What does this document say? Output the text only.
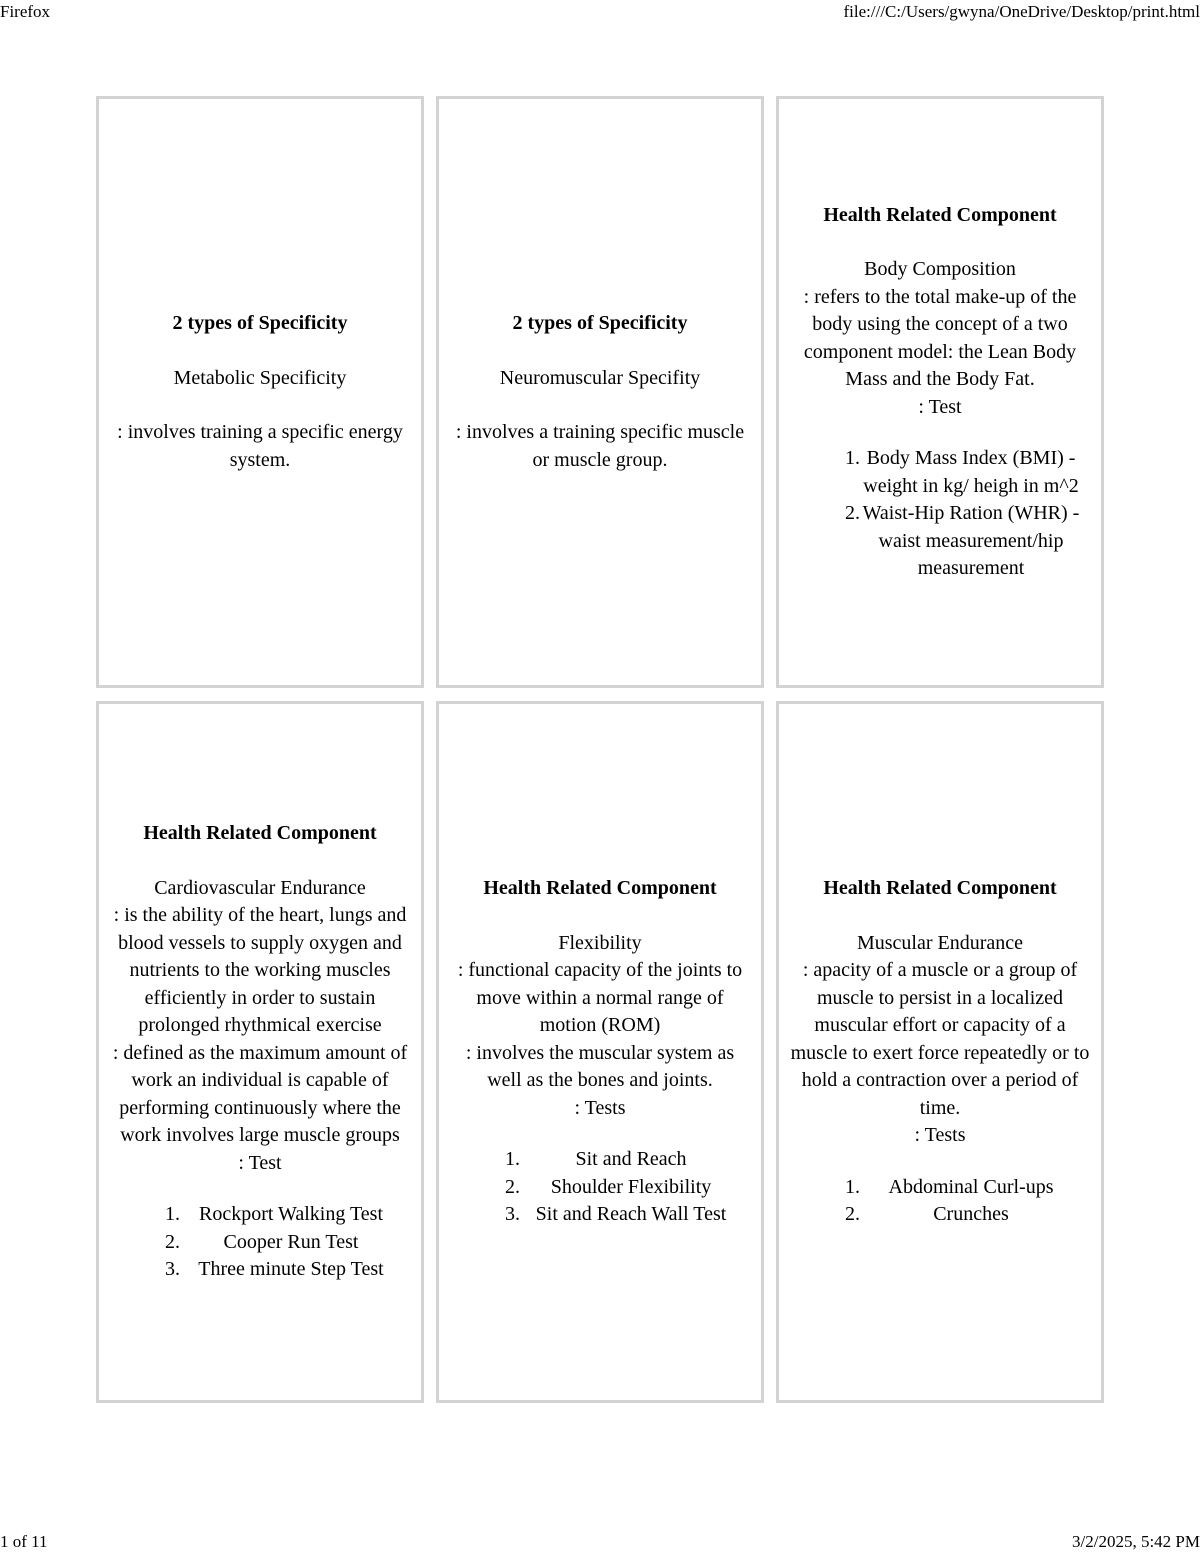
Firefox	file:///C:/Users/gwyna/OneDrive/Desktop/print.html

2 types of Specificity

Metabolic Specificity

: involves training a specific energy system.

2 types of Specificity

Neuromuscular Specifity

: involves a training specific muscle or muscle group.

Health Related Component

Body Composition

: refers to the total make-up of the body using the concept of a two component model: the Lean Body Mass and the Body Fat.

: Test

1. Body Mass Index (BMI) - weight in kg/ heigh in m^2
2. Waist-Hip Ration (WHR) - waist measurement/hip measurement

Health Related Component

Cardiovascular Endurance

: is the ability of the heart, lungs and blood vessels to supply oxygen and nutrients to the working muscles efficiently in order to sustain prolonged rhythmical exercise

: defined as the maximum amount of work an individual is capable of performing continuously where the work involves large muscle groups

: Test

1. Rockport Walking Test
2. Cooper Run Test
3. Three minute Step Test

Health Related Component

Flexibility

: functional capacity of the joints to move within a normal range of motion (ROM)

: involves the muscular system as well as the bones and joints.

: Tests

1.	Sit and Reach
2. Shoulder Flexibility
3. Sit and Reach Wall Test

Health Related Component

Muscular Endurance

: apacity of a muscle or a group of muscle to persist in a localized muscular effort or capacity of a muscle to exert force repeatedly or to hold a contraction over a period of time.

: Tests

1. Abdominal Curl-ups
2.	Crunches
1 of 11	3/2/2025, 5:42 PM
